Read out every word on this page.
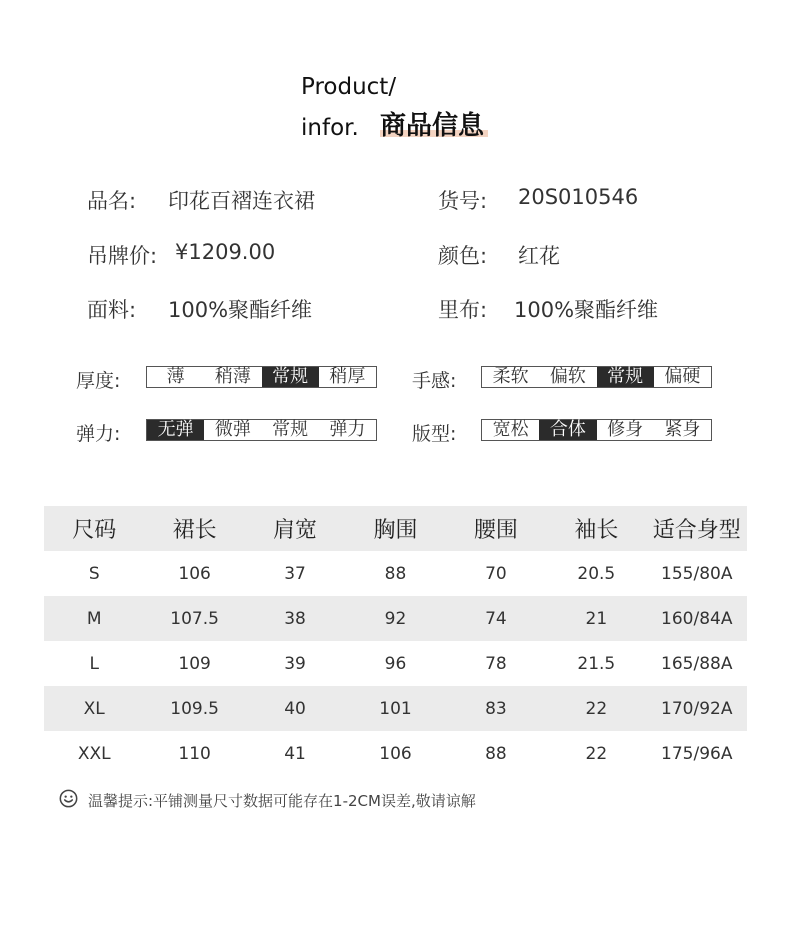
Product/
infor. 商品信息
品名: 印花百褶连衣裙	货号: 20S010546
吊牌价: ¥1209.00	颜色: 红花
面料: 100%聚酯纤维	里布: 100%聚酯纤维
厚度:	薄	稍薄	常规	稍厚	手感:	柔软	偏软	常规	偏硬
弹力:	无弹	微弹	常规	弹力	版型:	宽松	合体	修身	紧身
尺码	裙长	肩宽	胸围	腰围	袖长	适合身型
S	106	37	88	70	20.5	155/80A
M	107.5	38	92	74	21	160/84A
L	109	39	96	78	21.5	165/88A
XL	109.5	40	101	83	22	170/92A
XXL	110	41	106	88	22	175/96A
温馨提示:平铺测量尺寸数据可能存在1-2CM误差,敬请谅解
